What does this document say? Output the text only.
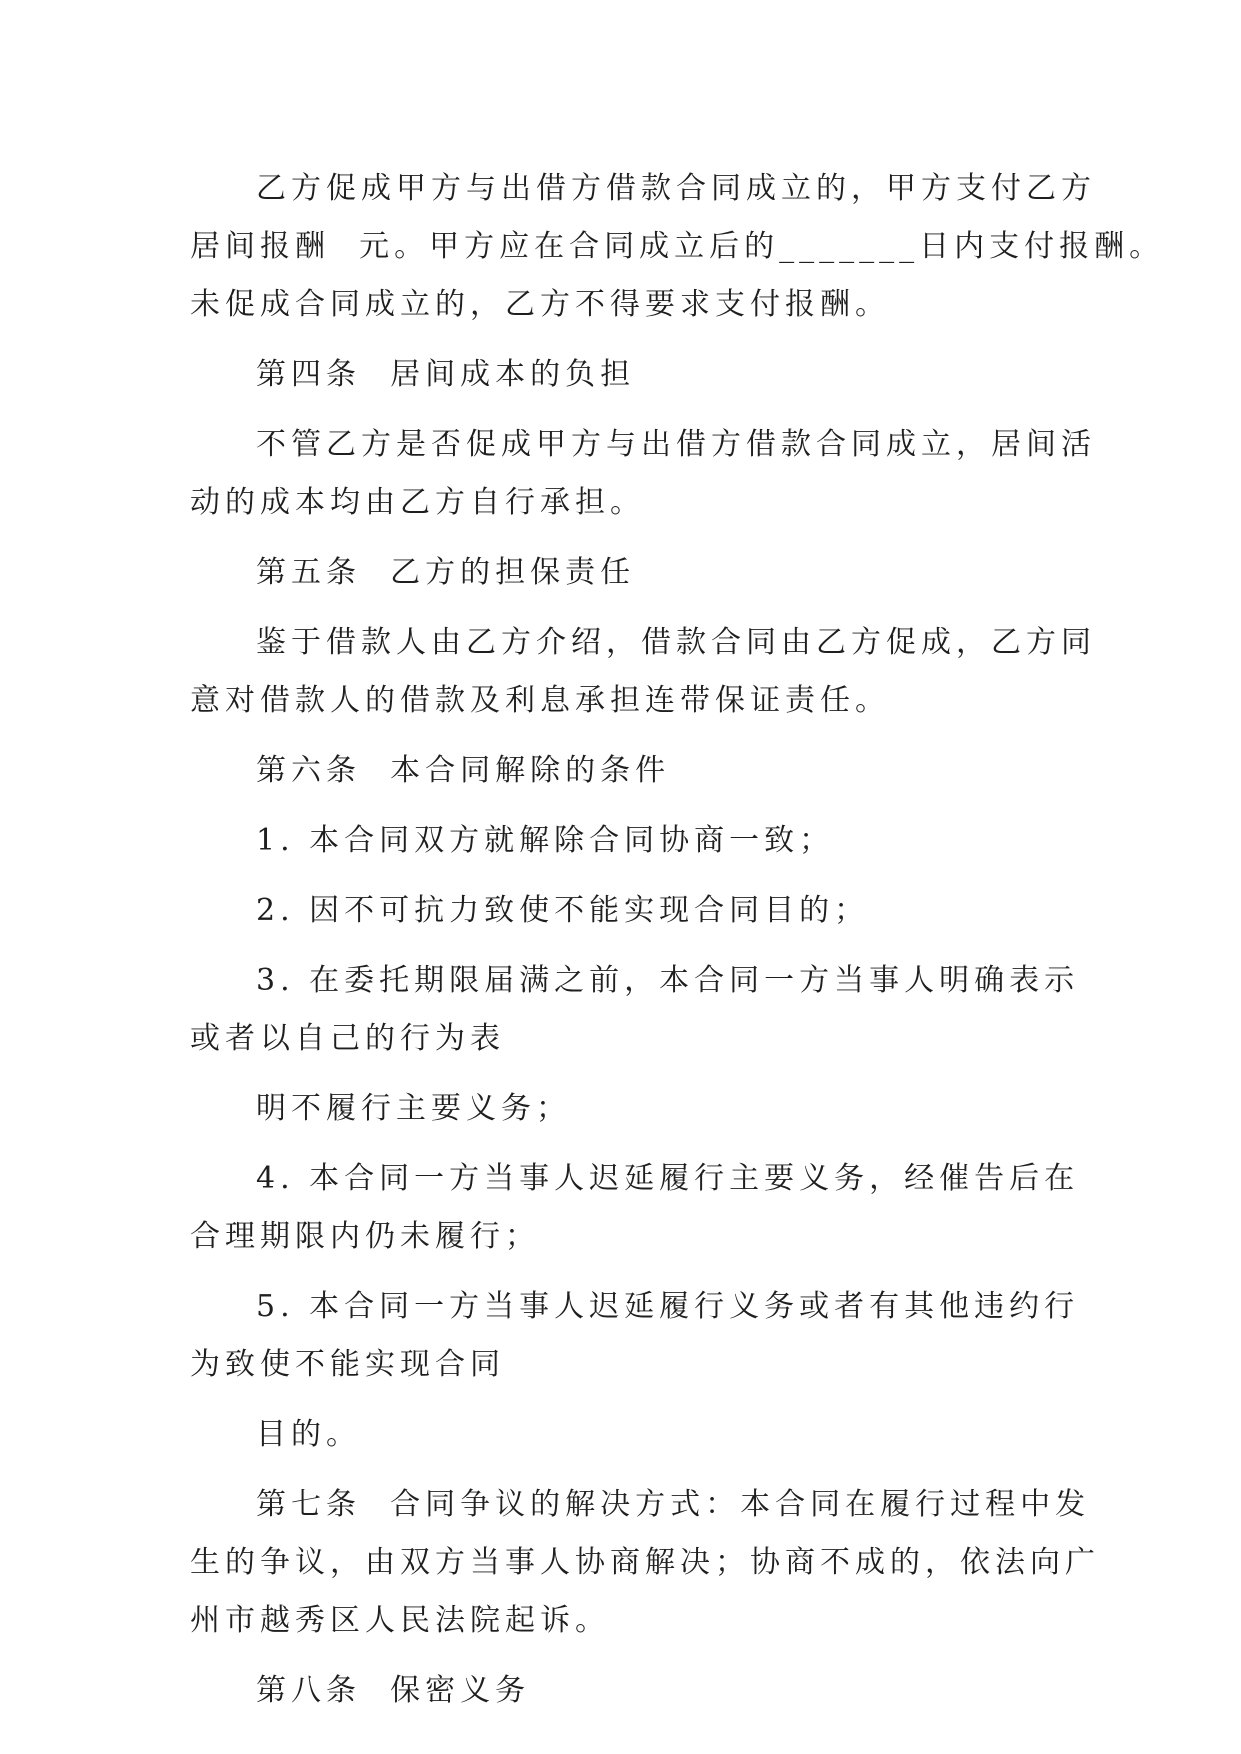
乙方促成甲方与出借方借款合同成立的，甲方支付乙方
居间报酬  元。甲方应在合同成立后的_______日内支付报酬。
未促成合同成立的，乙方不得要求支付报酬。
第四条  居间成本的负担
不管乙方是否促成甲方与出借方借款合同成立，居间活
动的成本均由乙方自行承担。
第五条  乙方的担保责任
鉴于借款人由乙方介绍，借款合同由乙方促成，乙方同
意对借款人的借款及利息承担连带保证责任。
第六条  本合同解除的条件
1. 本合同双方就解除合同协商一致；
2. 因不可抗力致使不能实现合同目的；
3. 在委托期限届满之前，本合同一方当事人明确表示
或者以自己的行为表
明不履行主要义务；
4. 本合同一方当事人迟延履行主要义务，经催告后在
合理期限内仍未履行；
5. 本合同一方当事人迟延履行义务或者有其他违约行
为致使不能实现合同
目的。
第七条  合同争议的解决方式：本合同在履行过程中发
生的争议，由双方当事人协商解决；协商不成的，依法向广
州市越秀区人民法院起诉。
第八条  保密义务
